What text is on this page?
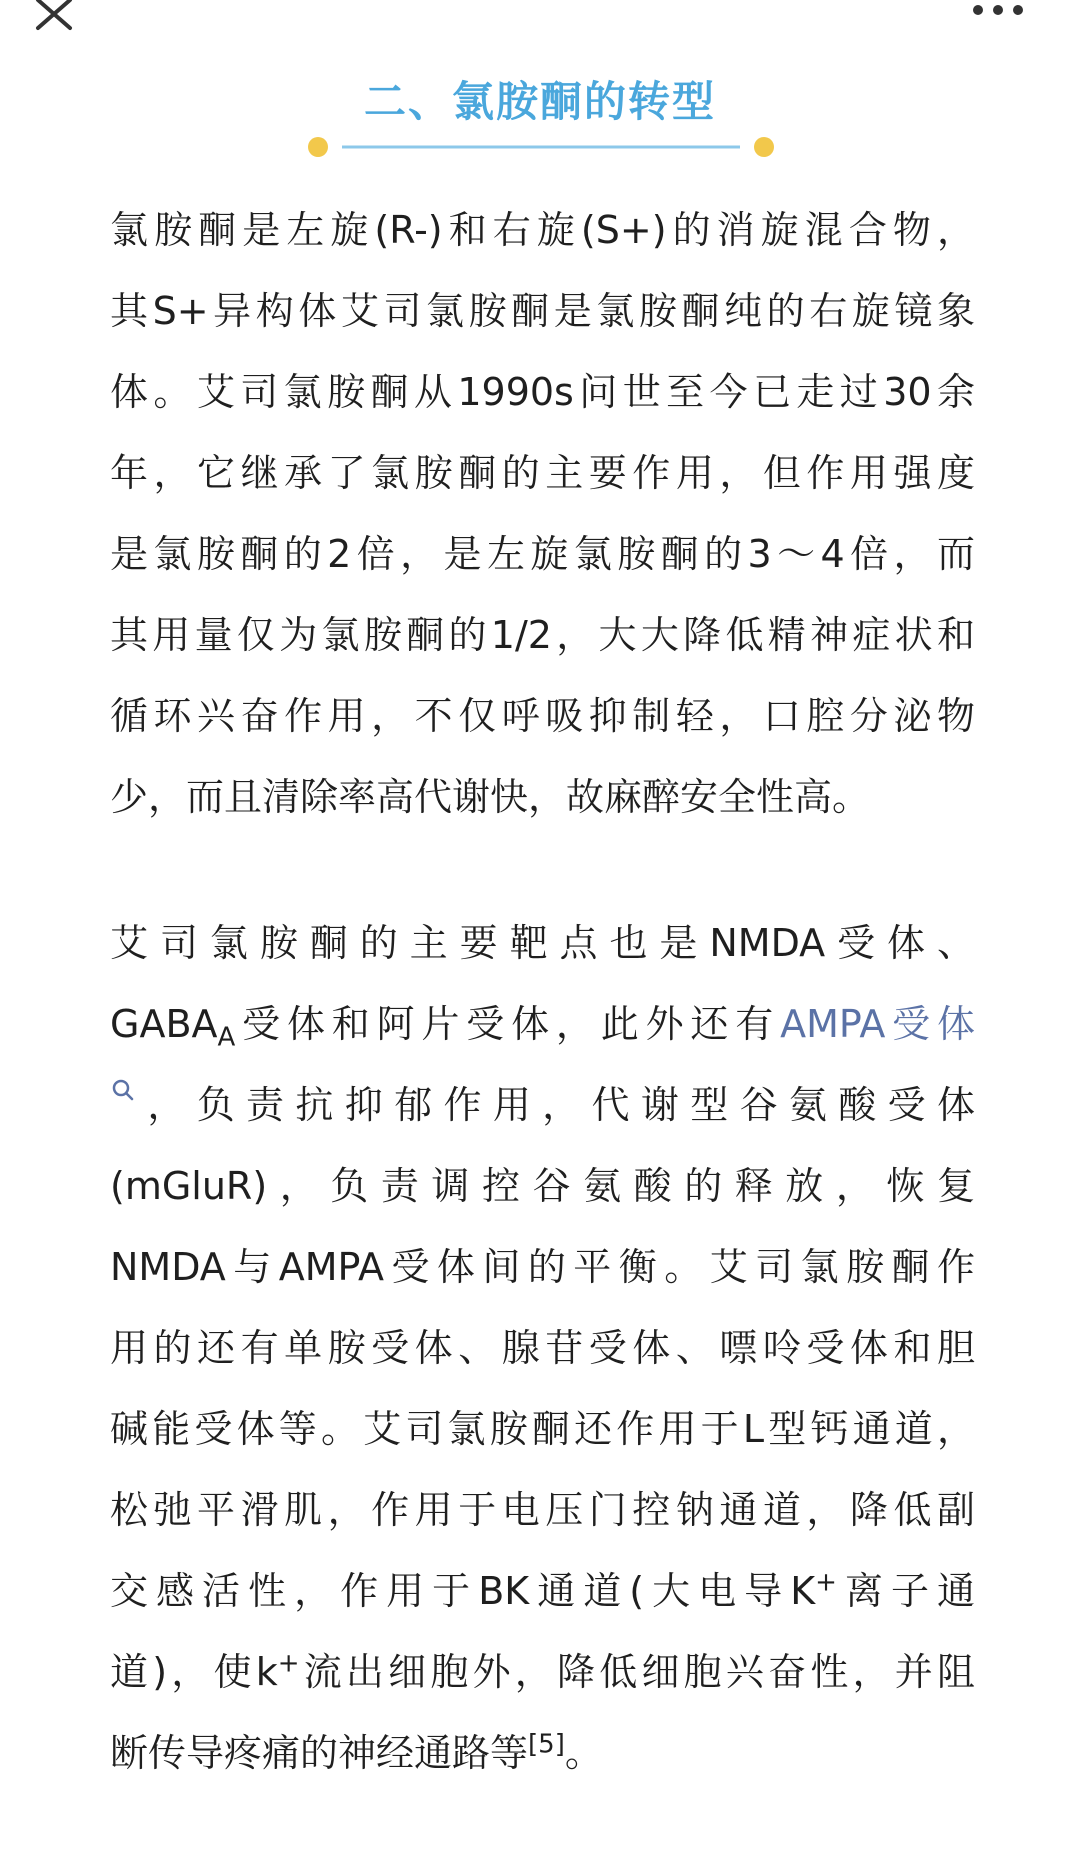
二、氯胺酮的转型
氯胺酮是左旋(R-)和右旋(S+)的消旋混合物，
其S+异构体艾司氯胺酮是氯胺酮纯的右旋镜象
体。艾司氯胺酮从1990s问世至今已走过30余
年，它继承了氯胺酮的主要作用，但作用强度
是氯胺酮的2倍，是左旋氯胺酮的3～4倍，而
其用量仅为氯胺酮的1/2，大大降低精神症状和
循环兴奋作用，不仅呼吸抑制轻，口腔分泌物
少，而且清除率高代谢快，故麻醉安全性高。
艾司氯胺酮的主要靶点也是NMDA受体、
$GABA_A$受体和阿片受体，此外还有AMPA受体
，负责抗抑郁作用，代谢型谷氨酸受体
(mGluR)，负责调控谷氨酸的释放，恢复
NMDA与AMPA受体间的平衡。艾司氯胺酮作
用的还有单胺受体、腺苷受体、嘌呤受体和胆
碱能受体等。艾司氯胺酮还作用于L型钙通道，
松弛平滑肌，作用于电压门控钠通道，降低副
交感活性，作用于BK通道(大电导K+离子通
道)，使k+流出细胞外，降低细胞兴奋性，并阻
断传导疼痛的神经通路等[5]。
